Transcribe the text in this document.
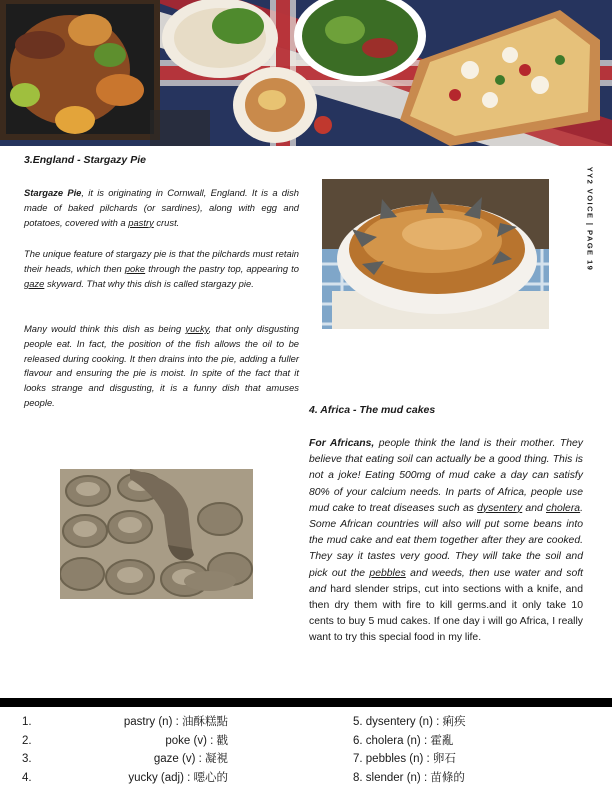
YY2 VOICE | PAGE 19
3.England - Stargazy Pie

Stargaze Pie, it is originating in Cornwall, England. It is a dish made of baked pilchards (or sardines), along with egg and potatoes, covered with a pastry crust.

The unique feature of stargazy pie is that the pilchards must retain their heads, which then poke through the pastry top, appearing to gaze skyward. That why this dish is called stargazy pie.

Many would think this dish as being yucky, that only disgusting people eat. In fact, the position of the fish allows the oil to be released during cooking. It then drains into the pie, adding a fuller flavour and ensuring the pie is moist. In spite of the fact that it looks strange and disgusting, it is a funny dish that amuses people.

4. Africa - The mud cakes

For Africans, people think the land is their mother. They believe that eating soil can actually be a good thing. This is not a joke! Eating 500mg of mud cake a day can satisfy 80% of your calcium needs. In parts of Africa, people use mud cake to treat diseases such as dysentery and cholera. Some African countries will also will put some beans into the mud cake and eat them together after they are cooked. They say it tastes very good. They will take the soil and pick out the pebbles and weeds, then use water and soft and hard slender strips, cut into sections with a knife, and then dry them with fire to kill germs.and it only take 10 cents to buy 5 mud cakes. If one day i will go Africa, I really want to try this special food in my life.

1.	pastry (n) : 油酥糕點	5. dysentery (n) : 痢疾
2.	poke (v) : 戳	6. cholera (n) : 霍亂
3.	gaze (v) : 凝視	7. pebbles (n) : 卵石
4.	yucky (adj) : 噁心的	8. slender (n) : 苗條的
